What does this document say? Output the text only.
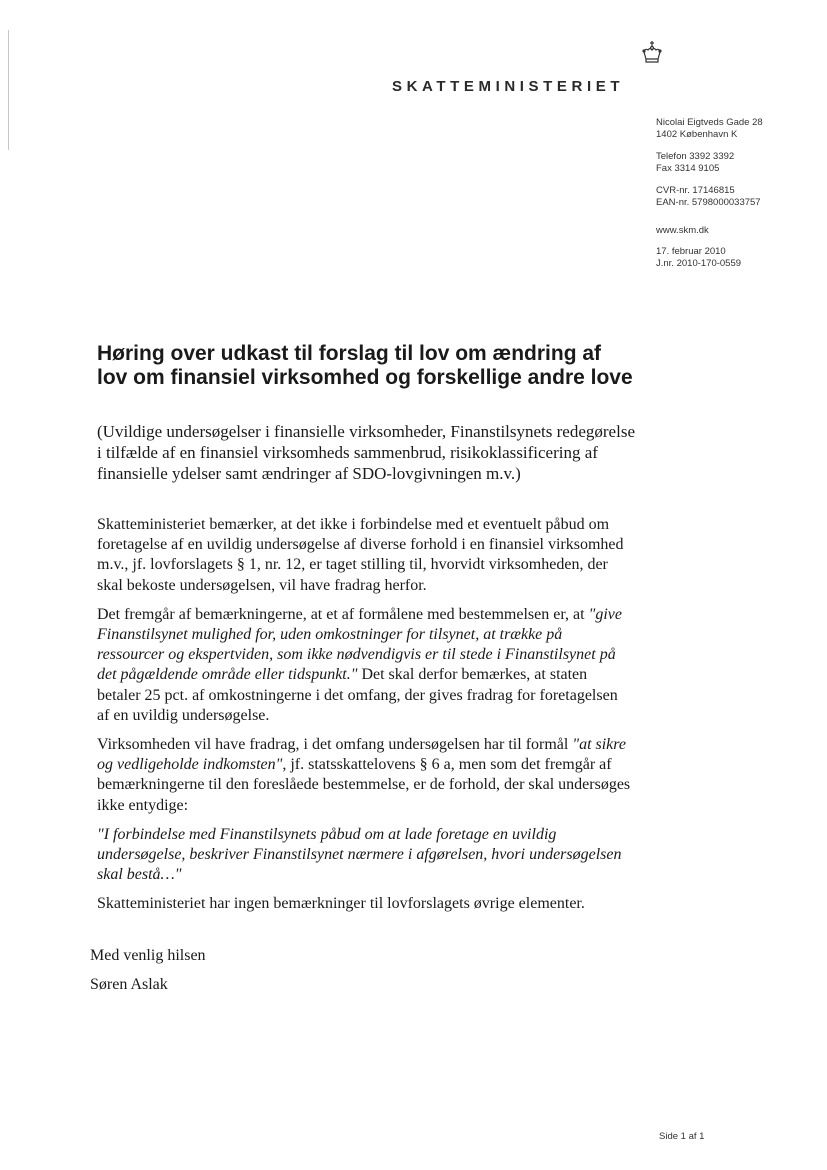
SKATTEMINISTERIET
Nicolai Eigtveds Gade 28
1402 København K
Telefon 3392 3392
Fax 3314 9105
CVR-nr. 17146815
EAN-nr. 5798000033757
www.skm.dk
17. februar 2010
J.nr. 2010-170-0559
Høring over udkast til forslag til lov om ændring af lov om finansiel virksomhed og forskellige andre love
(Uvildige undersøgelser i finansielle virksomheder, Finanstilsynets redegørelse i tilfælde af en finansiel virksomheds sammenbrud, risikoklassificering af finansielle ydelser samt ændringer af SDO-lovgivningen m.v.)

Skatteministeriet bemærker, at det ikke i forbindelse med et eventuelt påbud om foretagelse af en uvildig undersøgelse af diverse forhold i en finansiel virksomhed m.v., jf. lovforslagets § 1, nr. 12, er taget stilling til, hvorvidt virksomheden, der skal bekoste undersøgelsen, vil have fradrag herfor.

Det fremgår af bemærkningerne, at et af formålene med bestemmelsen er, at "give Finanstilsynet mulighed for, uden omkostninger for tilsynet, at trække på ressourcer og ekspertviden, som ikke nødvendigvis er til stede i Finanstilsynet på det pågældende område eller tidspunkt." Det skal derfor bemærkes, at staten betaler 25 pct. af omkostningerne i det omfang, der gives fradrag for foretagelsen af en uvildig undersøgelse.

Virksomheden vil have fradrag, i det omfang undersøgelsen har til formål "at sikre og vedligeholde indkomsten", jf. statsskattelovens § 6 a, men som det fremgår af bemærkningerne til den foreslåede bestemmelse, er de forhold, der skal undersøges ikke entydige:

"I forbindelse med Finanstilsynets påbud om at lade foretage en uvildig undersøgelse, beskriver Finanstilsynet nærmere i afgørelsen, hvori undersøgelsen skal bestå…"

Skatteministeriet har ingen bemærkninger til lovforslagets øvrige elementer.

Med venlig hilsen
Søren Aslak
Side 1 af 1
